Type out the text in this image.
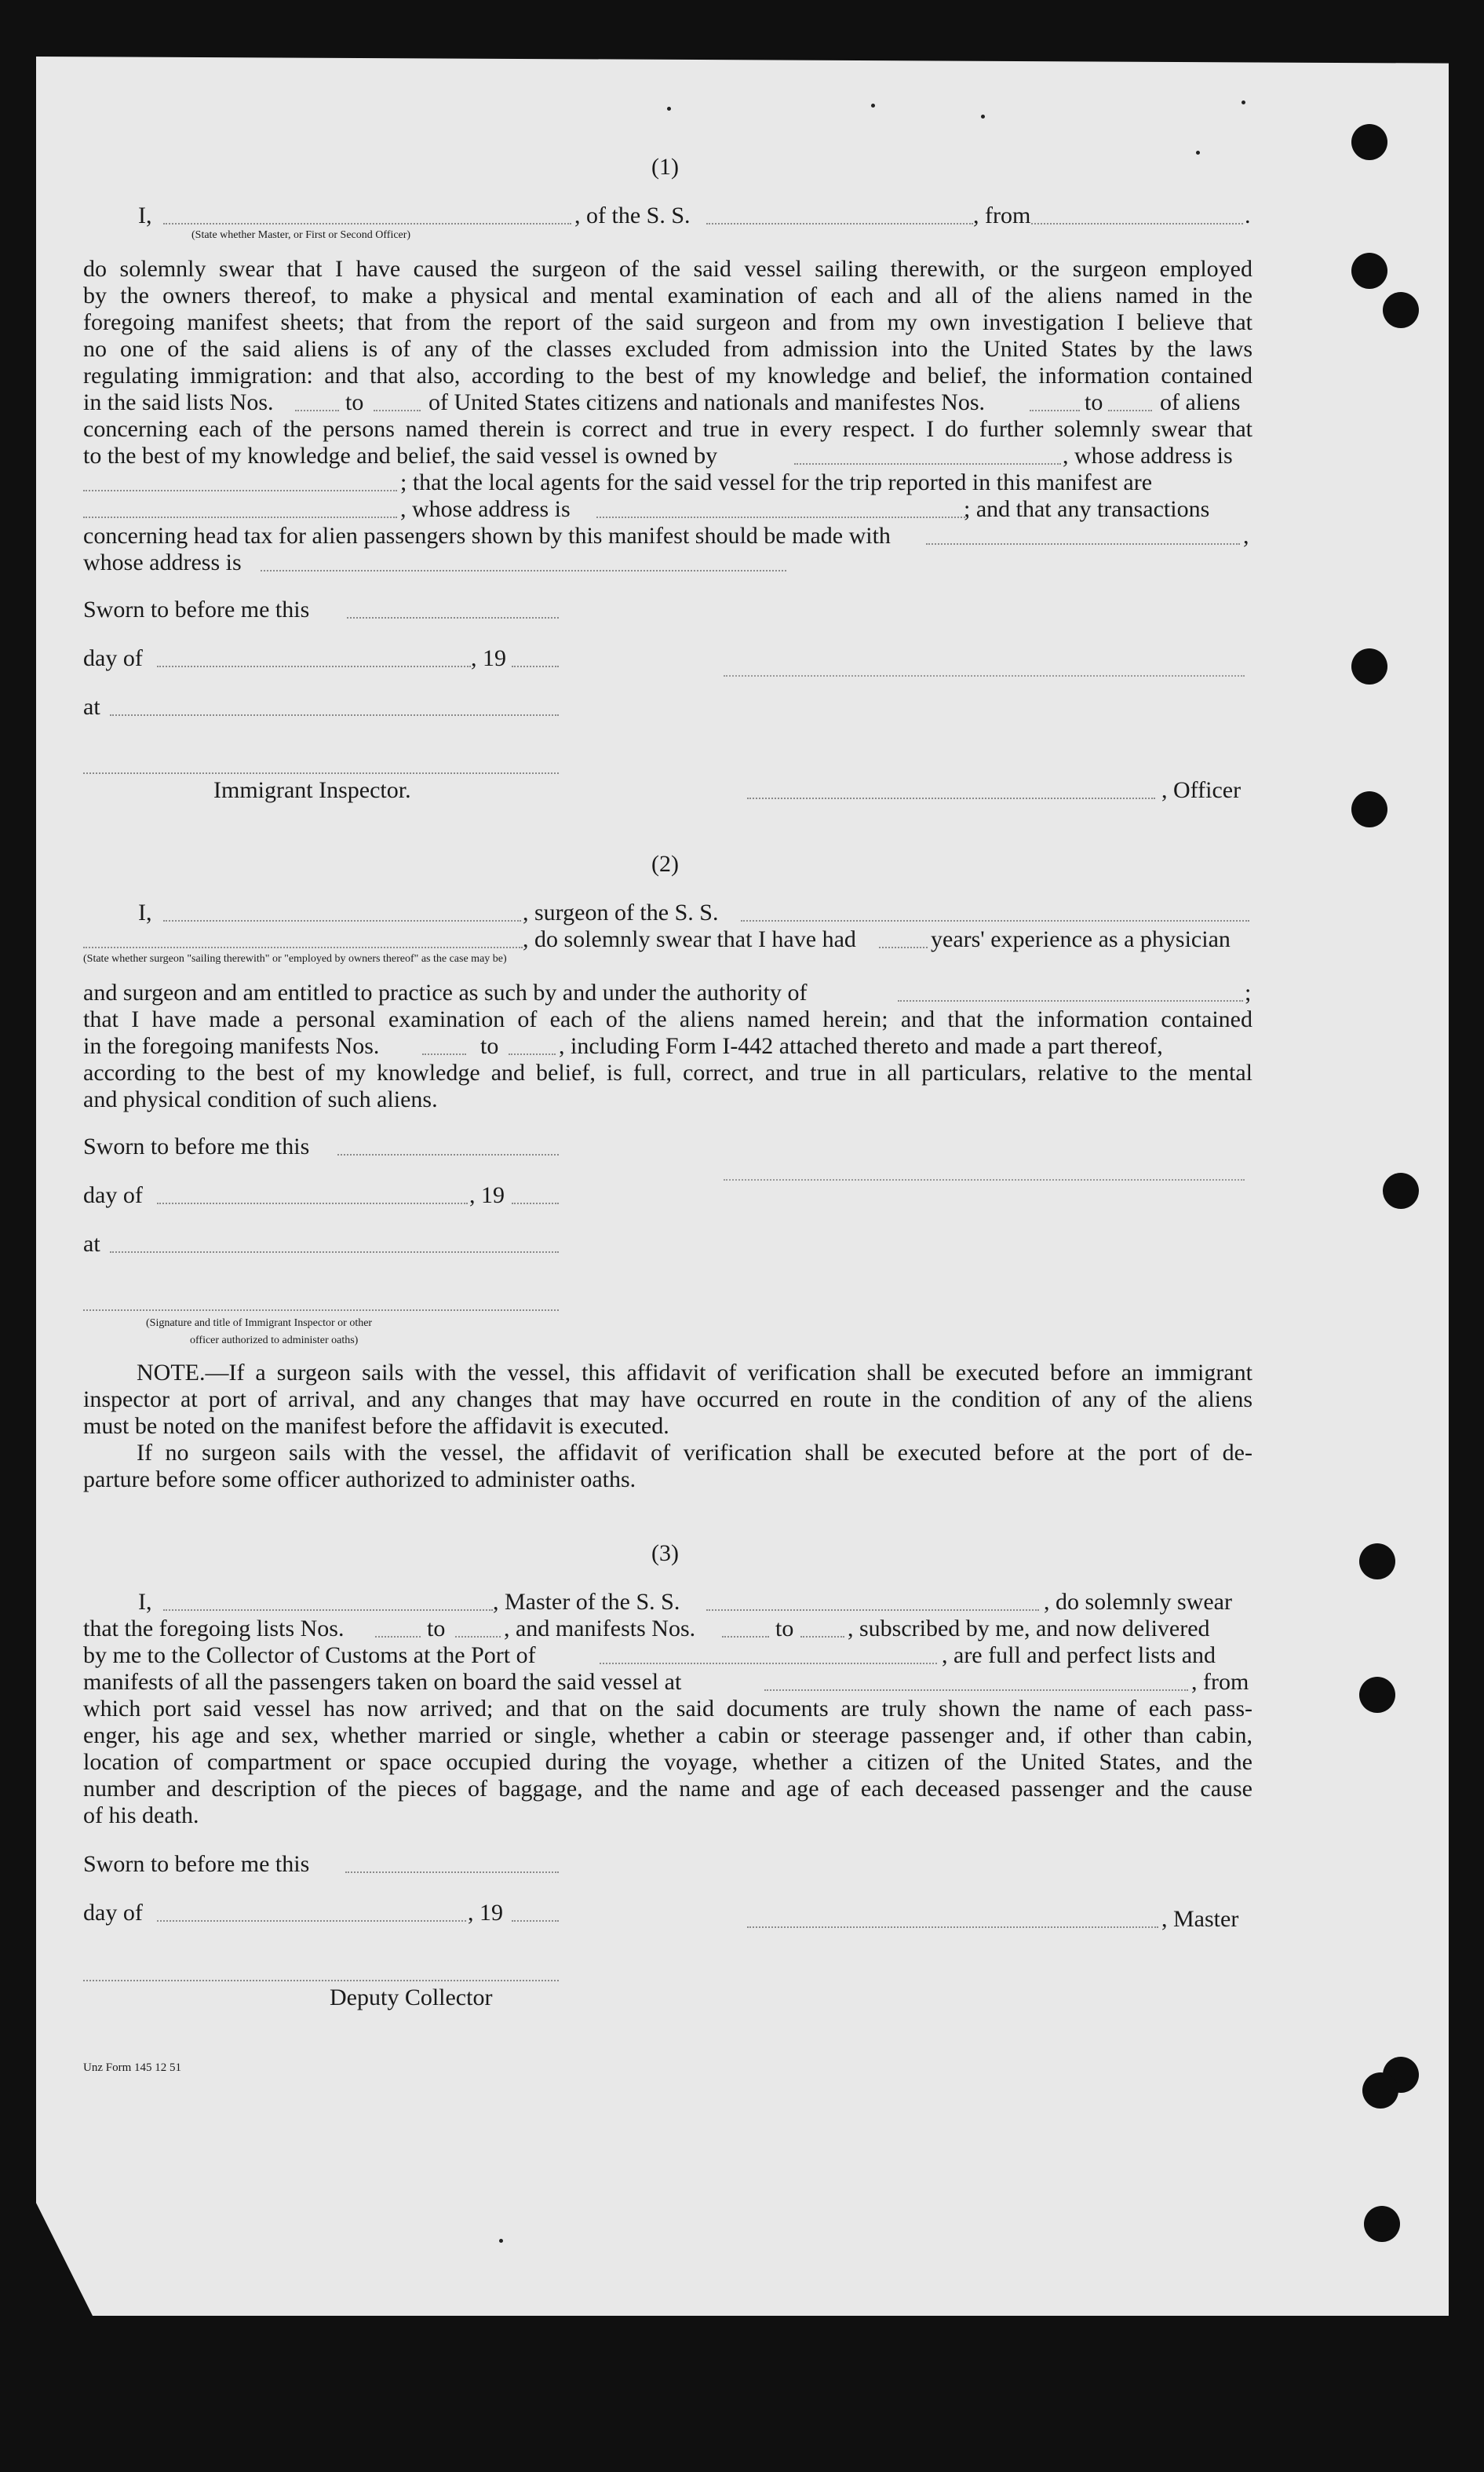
(1)
I,	, of the S. S.	, from	.
(State whether Master, or First or Second Officer)
do solemnly swear that I have caused the surgeon of the said vessel sailing therewith, or the surgeon employed
by the owners thereof, to make a physical and mental examination of each and all of the aliens named in the
foregoing manifest sheets; that from the report of the said surgeon and from my own investigation I believe that
no one of the said aliens is of any of the classes excluded from admission into the United States by the laws
regulating immigration: and that also, according to the best of my knowledge and belief, the information contained
in the said lists Nos.	to	of United States citizens and nationals and manifestes Nos.	to of aliens
concerning each of the persons named therein is correct and true in every respect. I do further solemnly swear that
to the best of my knowledge and belief, the said vessel is owned by	, whose address is
; that the local agents for the said vessel for the trip reported in this manifest are
, whose address is	; and that any transactions
concerning head tax for alien passengers shown by this manifest should be made with	,
whose address is
Sworn to before me this
day of	, 19
at
Immigrant Inspector.	, Officer
(2)
I,	, surgeon of the S. S.
, do solemnly swear that I have had	years' experience as a physician
(State whether surgeon "sailing therewith" or "employed by owners thereof" as the case may be)
and surgeon and am entitled to practice as such by and under the authority of	;
that I have made a personal examination of each of the aliens named herein; and that the information contained
in the foregoing manifests Nos.	to	, including Form I-442 attached thereto and made a part thereof,
according to the best of my knowledge and belief, is full, correct, and true in all particulars, relative to the mental
and physical condition of such aliens.
Sworn to before me this
day of	, 19
at
(Signature and title of Immigrant Inspector or other
officer authorized to administer oaths)
NOTE.—If a surgeon sails with the vessel, this affidavit of verification shall be executed before an immigrant
inspector at port of arrival, and any changes that may have occurred en route in the condition of any of the aliens
must be noted on the manifest before the affidavit is executed.
If no surgeon sails with the vessel, the affidavit of verification shall be executed before at the port of de-
parture before some officer authorized to administer oaths.
(3)
I,	, Master of the S. S.	, do solemnly swear
that the foregoing lists Nos.	to , and manifests Nos.	to , subscribed by me, and now delivered
by me to the Collector of Customs at the Port of	, are full and perfect lists and
manifests of all the passengers taken on board the said vessel at	, from
which port said vessel has now arrived; and that on the said documents are truly shown the name of each pass-
enger, his age and sex, whether married or single, whether a cabin or steerage passenger and, if other than cabin,
location of compartment or space occupied during the voyage, whether a citizen of the United States, and the
number and description of the pieces of baggage, and the name and age of each deceased passenger and the cause
of his death.
Sworn to before me this
day of	, 19	, Master
Deputy Collector
Unz Form 145 12 51
